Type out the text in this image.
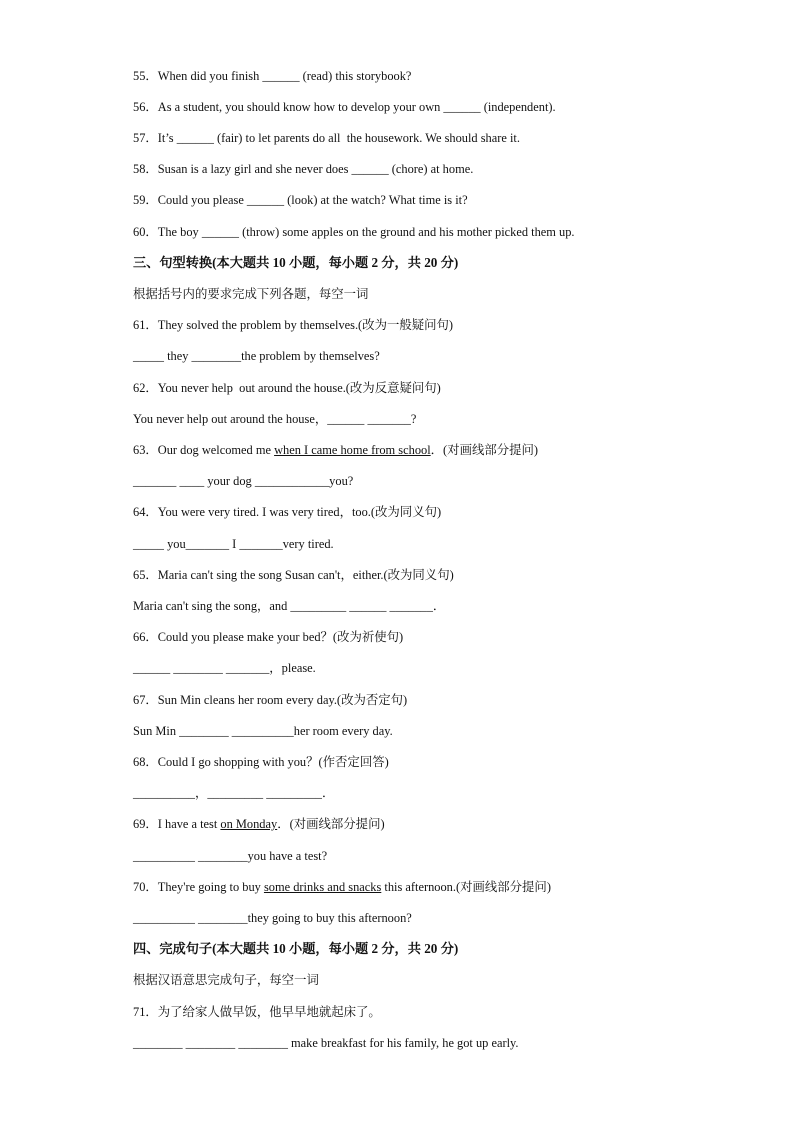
55．When did you finish ______ (read) this storybook?
56．As a student, you should know how to develop your own ______ (independent).
57．It’s ______ (fair) to let parents do all  the housework. We should share it.
58．Susan is a lazy girl and she never does ______ (chore) at home.
59．Could you please ______ (look) at the watch? What time is it?
60．The boy ______ (throw) some apples on the ground and his mother picked them up.
三、句型转换(本大题共 10 小题，每小题 2 分，共 20 分)
根据括号内的要求完成下列各题，每空一词
61．They solved the problem by themselves.(改为一般疑问句)
_____ they ________the problem by themselves?
62．You never help  out around the house.(改为反意疑问句)
You never help out around the house，______ _______?
63．Our dog welcomed me when I came home from school．(对画线部分提问)
_______ ____ your dog ____________you?
64．You were very tired. I was very tired，too.(改为同义句)
_____ you_______ I _______very tired.
65．Maria can't sing the song Susan can't，either.(改为同义句)
Maria can't sing the song，and _________ ______ _______．
66．Could you please make your bed？(改为祈使句)
______ ________ _______，please.
67．Sun Min cleans her room every day.(改为否定句)
Sun Min ________ __________her room every day.
68．Could I go shopping with you？(作否定回答)
__________，_________ _________．
69．I have a test on Monday．(对画线部分提问)
__________ ________you have a test?
70．They're going to buy some drinks and snacks this afternoon.(对画线部分提问)
__________ ________they going to buy this afternoon?
四、完成句子(本大题共 10 小题，每小题 2 分，共 20 分)
根据汉语意思完成句子，每空一词
71．为了给家人做早饭，他早早地就起床了。
________ ________ ________ make breakfast for his family, he got up early.
